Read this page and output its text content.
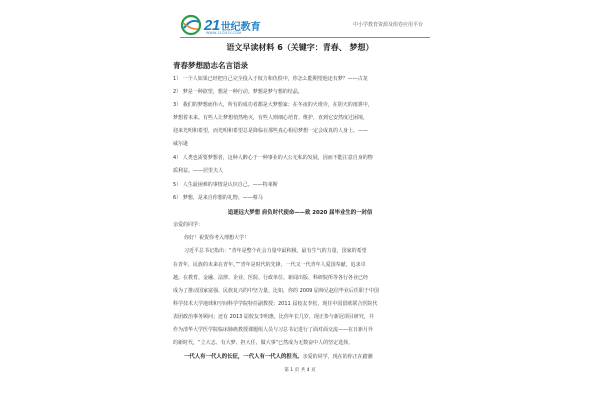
21 世纪教育
WWW.21CNJY.COM
中小学教育资源及组卷应用平台
语文早读材料 6（关键字：青春、 梦想）
青春梦想励志名言语录
1） 一个人如果已经把自己完全投入于权力和仇恨中，你怎么能期望他还有梦？——古龙
2） 梦是一种欲望，想是一种行动。梦想是梦与想的结晶。
3） 我们的梦想而伟大，所有的成功者都是大梦想家：在冬夜的火堆旁，在阴天的雨雾中，
梦想着未来。有些人让梦想悄然绝灭，有些人则细心培育、维护，直到它安然度过困境，
迎来光明和希望，而光明和希望总是降临在那些真心相信梦想一定会成真的人身上。——
威尔逊
4） 人类也需要梦想者，这种人醉心于一种事业的大公无私的发展，因而不能注意自身的物
质利益。——居里夫人
5） 人生最困难的事情是认识自己。——特莱斯
6） 梦想，是来自你想的礼物。——蔡马
追逐远大梦想 肩负时代使命——致 2020 届毕业生的一封信
亲爱的同学：
你好！祝贺你考入理想大学！
习近平总书记指出：“青年是整个社会力量中最积极、最有生气的力量，国家的希望
在青年，民族的未来在青年。”“青年是时代的先锋，一代又一代青年人爱国奉献，追求卓
越。在教育、金融、法律、企业、医院、行政单位、新闻出版、科研院所等各行各业已经
成为了推动国家富强、民族复兴的中坚力量。比如，你的 2009 届师兄赵信毕业后任职于中国
科学技术大学地球和空间科学学院特任副教授；2011 届校友李松，现任中国留欧联合医院代
表团政治事务顾问；还有 2013 届校友李明惠，比你年长几岁，现正参与新冠项目研究，并
作为清华大学医学院临床肺癌教授课题组人员与习总书记进行了面对面交流——在日新月异
的新时代，“立大志、有大梦、担大任、做大事”已然成为无数奋中人的坚定选择。
一代人有一代人的长征，一代人有一代人的担当。亲爱的同学，现在的你正在踏潮
第 1 页 共 4 页
